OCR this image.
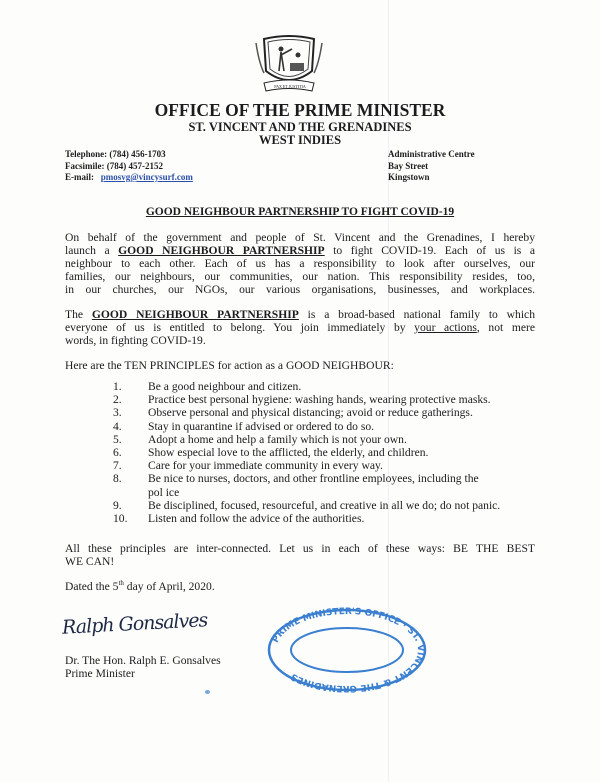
PAX ET JUSTITIA
OFFICE OF THE PRIME MINISTER
ST. VINCENT AND THE GRENADINES
WEST INDIES
Telephone: (784) 456-1703
Facsimile: (784) 457-2152
E-mail: pmosvg@vincysurf.com
Administrative Centre
Bay Street
Kingstown
GOOD NEIGHBOUR PARTNERSHIP TO FIGHT COVID-19
On behalf of the government and people of St. Vincent and the Grenadines, I hereby
launch a GOOD NEIGHBOUR PARTNERSHIP to fight COVID-19. Each of us is a
neighbour to each other. Each of us has a responsibility to look after ourselves, our
families, our neighbours, our communities, our nation. This responsibility resides, too,
in our churches, our NGOs, our various organisations, businesses, and workplaces.
The GOOD NEIGHBOUR PARTNERSHIP is a broad-based national family to which
everyone of us is entitled to belong. You join immediately by your actions, not mere
words, in fighting COVID-19.
Here are the TEN PRINCIPLES for action as a GOOD NEIGHBOUR:
1. Be a good neighbour and citizen.
2. Practice best personal hygiene: washing hands, wearing protective masks.
3. Observe personal and physical distancing; avoid or reduce gatherings.
4. Stay in quarantine if advised or ordered to do so.
5. Adopt a home and help a family which is not your own.
6. Show especial love to the afflicted, the elderly, and children.
7. Care for your immediate community in every way.
8. Be nice to nurses, doctors, and other frontline employees, including the
pol ice
9. Be disciplined, focused, resourceful, and creative in all we do; do not panic.
10. Listen and follow the advice of the authorities.
All these principles are inter-connected. Let us in each of these ways: BE THE BEST
WE CAN!
Dated the 5th day of April, 2020.
PRIME MINISTER'S OFFICE · ST. VINCENT & THE GRENADINES
Ralph Gonsalves
Dr. The Hon. Ralph E. Gonsalves
Prime Minister
